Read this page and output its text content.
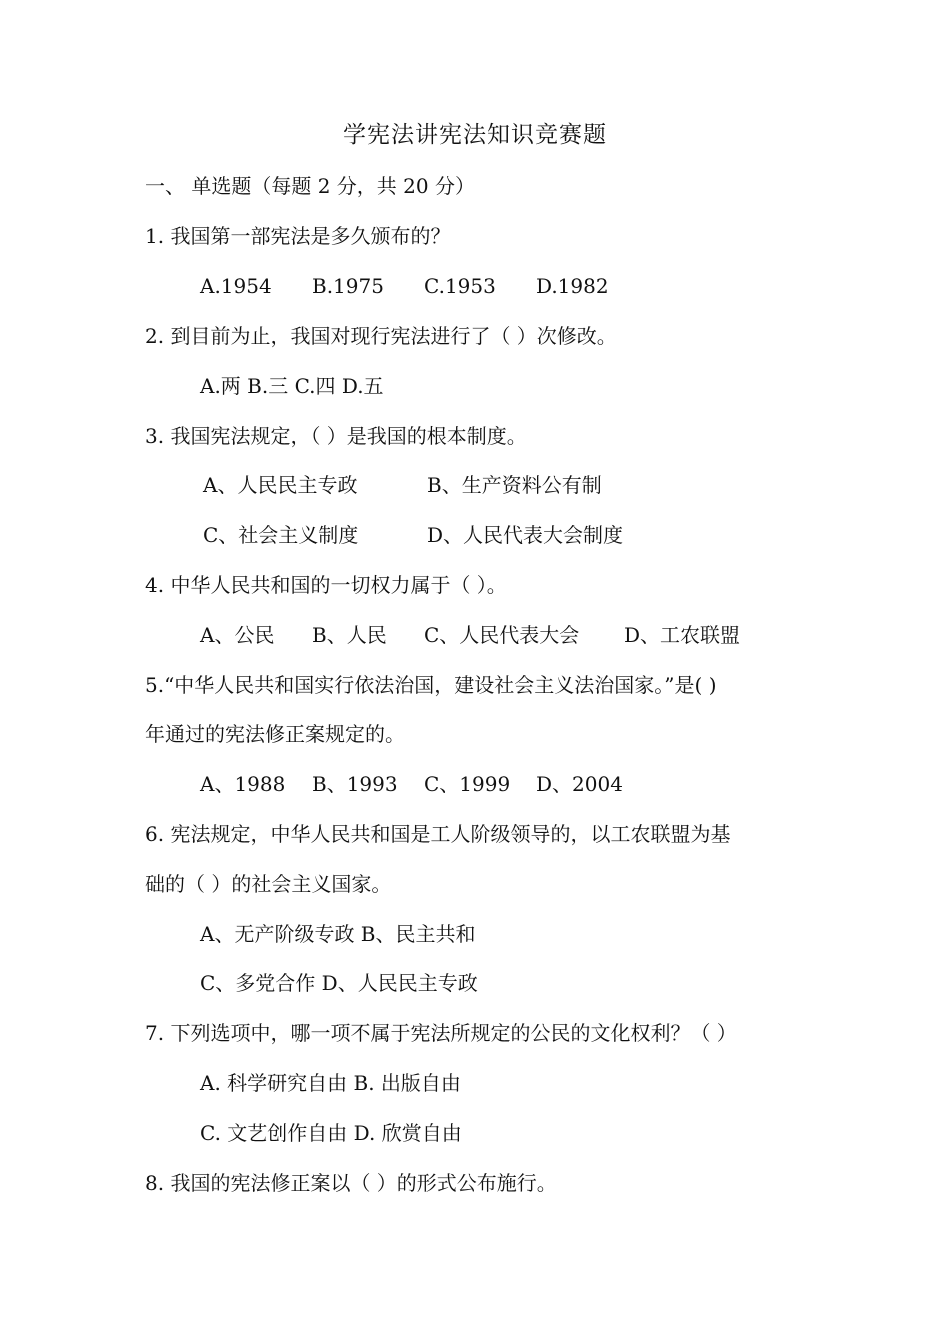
学宪法讲宪法知识竞赛题
一、 单选题（每题 2 分，共 20 分）
1. 我国第一部宪法是多久颁布的？
A.1954 B.1975 C.1953 D.1982
2. 到目前为止，我国对现行宪法进行了（ ）次修改。
A.两 B.三 C.四 D.五
3. 我国宪法规定，（ ）是我国的根本制度。
A、人民民主专政	B、生产资料公有制
C、社会主义制度	D、人民代表大会制度
4. 中华人民共和国的一切权力属于（ ）。
A、公民 B、人民 C、人民代表大会 D、工农联盟
5.“中华人民共和国实行依法治国，建设社会主义法治国家。”是( )
年通过的宪法修正案规定的。
A、1988 B、1993 C、1999 D、2004
6. 宪法规定，中华人民共和国是工人阶级领导的，以工农联盟为基
础的（ ）的社会主义国家。
A、无产阶级专政 B、民主共和
C、多党合作 D、人民民主专政
7. 下列选项中，哪一项不属于宪法所规定的公民的文化权利？（ ）
A. 科学研究自由 B. 出版自由
C. 文艺创作自由 D. 欣赏自由
8. 我国的宪法修正案以（ ）的形式公布施行。
